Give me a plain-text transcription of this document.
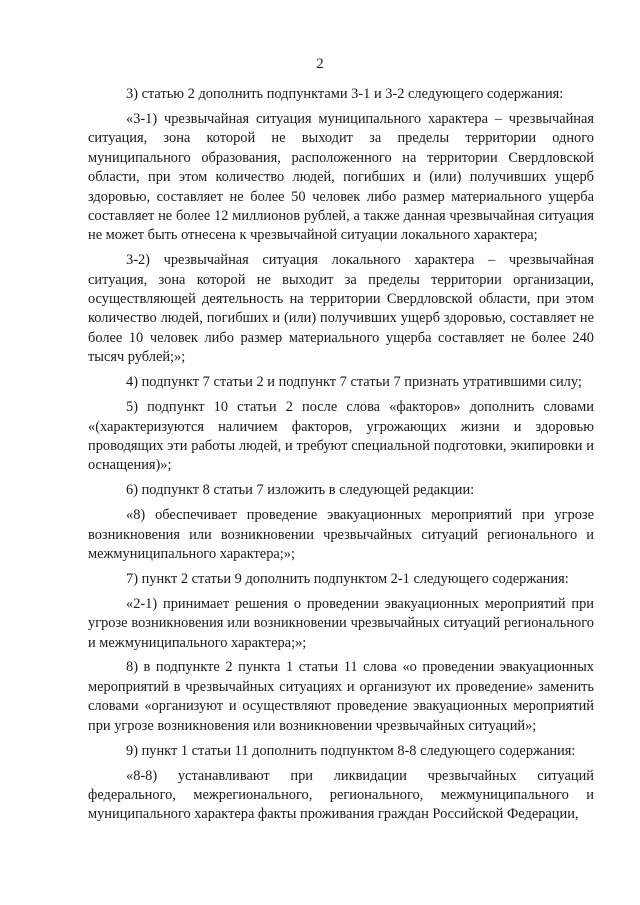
2

3) статью 2 дополнить подпунктами 3-1 и 3-2 следующего содержания:

«3-1) чрезвычайная ситуация муниципального характера – чрезвычайная ситуация, зона которой не выходит за пределы территории одного муниципального образования, расположенного на территории Свердловской области, при этом количество людей, погибших и (или) получивших ущерб здоровью, составляет не более 50 человек либо размер материального ущерба составляет не более 12 миллионов рублей, а также данная чрезвычайная ситуация не может быть отнесена к чрезвычайной ситуации локального характера;

3-2) чрезвычайная ситуация локального характера – чрезвычайная ситуация, зона которой не выходит за пределы территории организации, осуществляющей деятельность на территории Свердловской области, при этом количество людей, погибших и (или) получивших ущерб здоровью, составляет не более 10 человек либо размер материального ущерба составляет не более 240 тысяч рублей;»;

4) подпункт 7 статьи 2 и подпункт 7 статьи 7 признать утратившими силу;

5) подпункт 10 статьи 2 после слова «факторов» дополнить словами «(характеризуются наличием факторов, угрожающих жизни и здоровью проводящих эти работы людей, и требуют специальной подготовки, экипировки и оснащения)»;

6) подпункт 8 статьи 7 изложить в следующей редакции:

«8) обеспечивает проведение эвакуационных мероприятий при угрозе возникновения или возникновении чрезвычайных ситуаций регионального и межмуниципального характера;»;

7) пункт 2 статьи 9 дополнить подпунктом 2-1 следующего содержания:

«2-1) принимает решения о проведении эвакуационных мероприятий при угрозе возникновения или возникновении чрезвычайных ситуаций регионального и межмуниципального характера;»;

8) в подпункте 2 пункта 1 статьи 11 слова «о проведении эвакуационных мероприятий в чрезвычайных ситуациях и организуют их проведение» заменить словами «организуют и осуществляют проведение эвакуационных мероприятий при угрозе возникновения или возникновении чрезвычайных ситуаций»;

9) пункт 1 статьи 11 дополнить подпунктом 8-8 следующего содержания:

«8-8) устанавливают при ликвидации чрезвычайных ситуаций федерального, межрегионального, регионального, межмуниципального и муниципального характера факты проживания граждан Российской Федерации,
